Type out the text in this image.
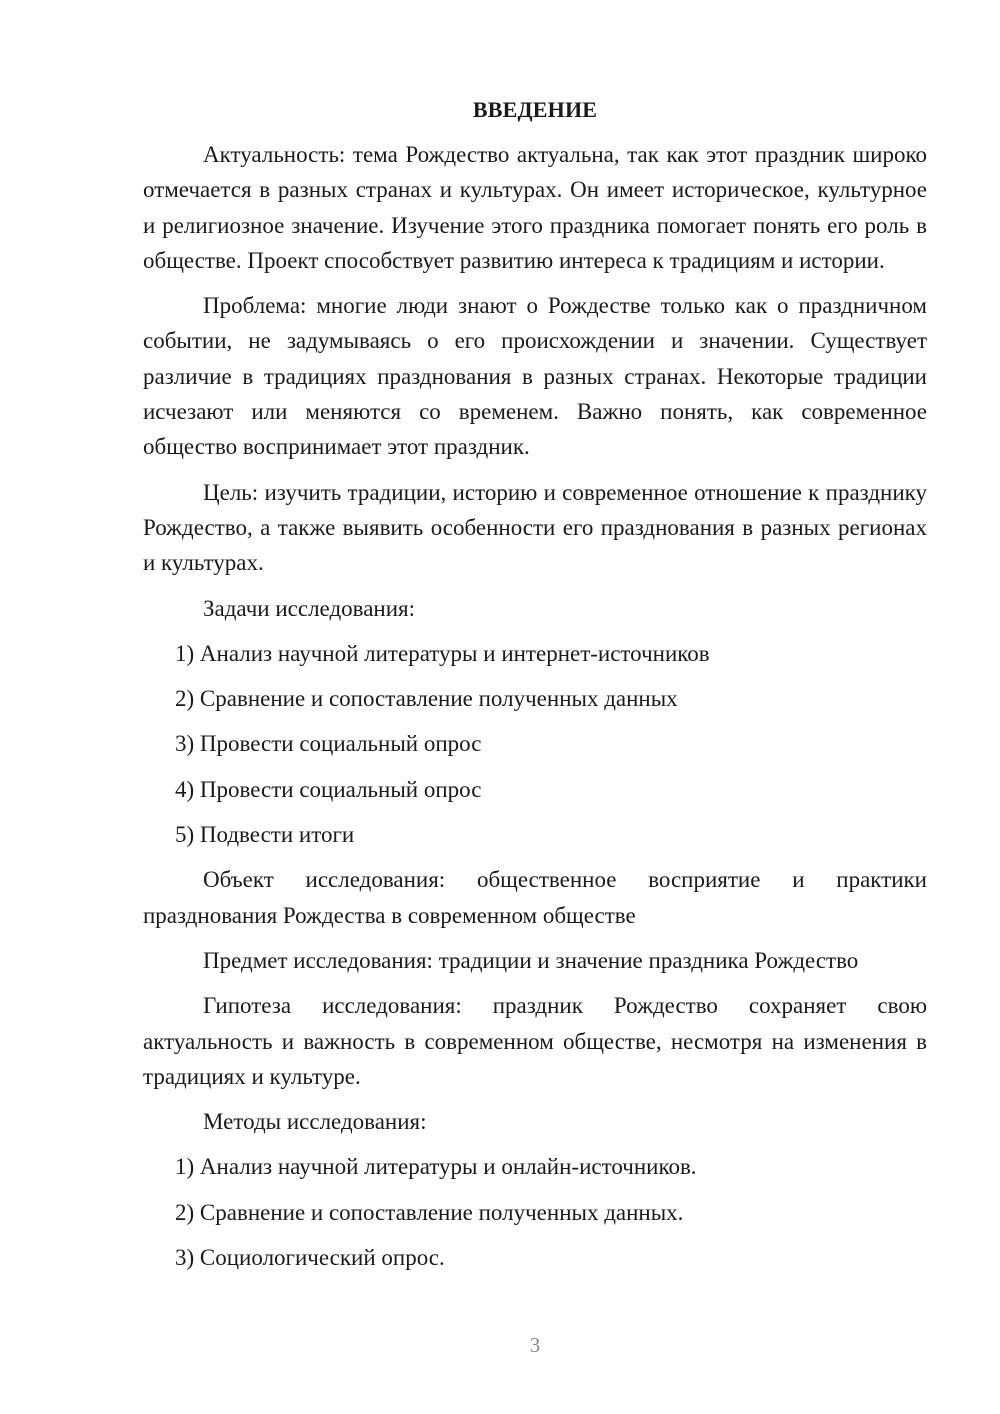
ВВЕДЕНИЕ

Актуальность: тема Рождество актуальна, так как этот праздник широко отмечается в разных странах и культурах. Он имеет историческое, культурное и религиозное значение. Изучение этого праздника помогает понять его роль в обществе. Проект способствует развитию интереса к традициям и истории.

Проблема: многие люди знают о Рождестве только как о праздничном событии, не задумываясь о его происхождении и значении. Существует различие в традициях празднования в разных странах. Некоторые традиции исчезают или меняются со временем. Важно понять, как современное общество воспринимает этот праздник.

Цель: изучить традиции, историю и современное отношение к празднику Рождество, а также выявить особенности его празднования в разных регионах и культурах.

Задачи исследования:
1) Анализ научной литературы и интернет-источников
2) Сравнение и сопоставление полученных данных
3) Провести социальный опрос
4) Провести социальный опрос
5) Подвести итоги

Объект исследования: общественное восприятие и практики празднования Рождества в современном обществе

Предмет исследования: традиции и значение праздника Рождество

Гипотеза исследования: праздник Рождество сохраняет свою актуальность и важность в современном обществе, несмотря на изменения в традициях и культуре.

Методы исследования:
1) Анализ научной литературы и онлайн-источников.
2) Сравнение и сопоставление полученных данных.
3) Социологический опрос.
3
